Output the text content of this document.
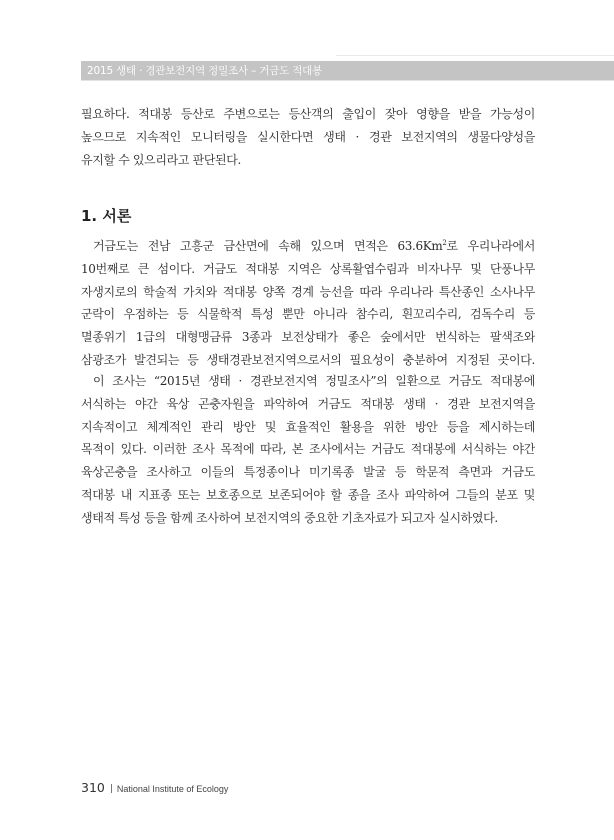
2015 생태 · 경관보전지역 정밀조사 – 거금도 적대봉

필요하다. 적대봉 등산로 주변으로는 등산객의 출입이 잦아 영향을 받을 가능성이
높으므로 지속적인 모니터링을 실시한다면 생태 · 경관 보전지역의 생물다양성을
유지할 수 있으리라고 판단된다.

1. 서론

거금도는 전남 고흥군 금산면에 속해 있으며 면적은 63.6Km$^2$로 우리나라에서
10번째로 큰 섬이다. 거금도 적대봉 지역은 상록활엽수림과 비자나무 및 단풍나무
자생지로의 학술적 가치와 적대봉 양쪽 경계 능선을 따라 우리나라 특산종인 소사나무
군락이 우점하는 등 식물학적 특성 뿐만 아니라 참수리, 흰꼬리수리, 검독수리 등
멸종위기 1급의 대형맹금류 3종과 보전상태가 좋은 숲에서만 번식하는 팔색조와
삼광조가 발견되는 등 생태경관보전지역으로서의 필요성이 충분하여 지정된 곳이다.

이 조사는 “2015년 생태 · 경관보전지역 정밀조사”의 일환으로 거금도 적대봉에
서식하는 야간 육상 곤충자원을 파악하여 거금도 적대봉 생태 · 경관 보전지역을
지속적이고 체계적인 관리 방안 및 효율적인 활용을 위한 방안 등을 제시하는데
목적이 있다. 이러한 조사 목적에 따라, 본 조사에서는 거금도 적대봉에 서식하는 야간
육상곤충을 조사하고 이들의 특정종이나 미기록종 발굴 등 학문적 측면과 거금도
적대봉 내 지표종 또는 보호종으로 보존되어야 할 종을 조사 파악하여 그들의 분포 및
생태적 특성 등을 함께 조사하여 보전지역의 중요한 기초자료가 되고자 실시하였다.

310 National Institute of Ecology
